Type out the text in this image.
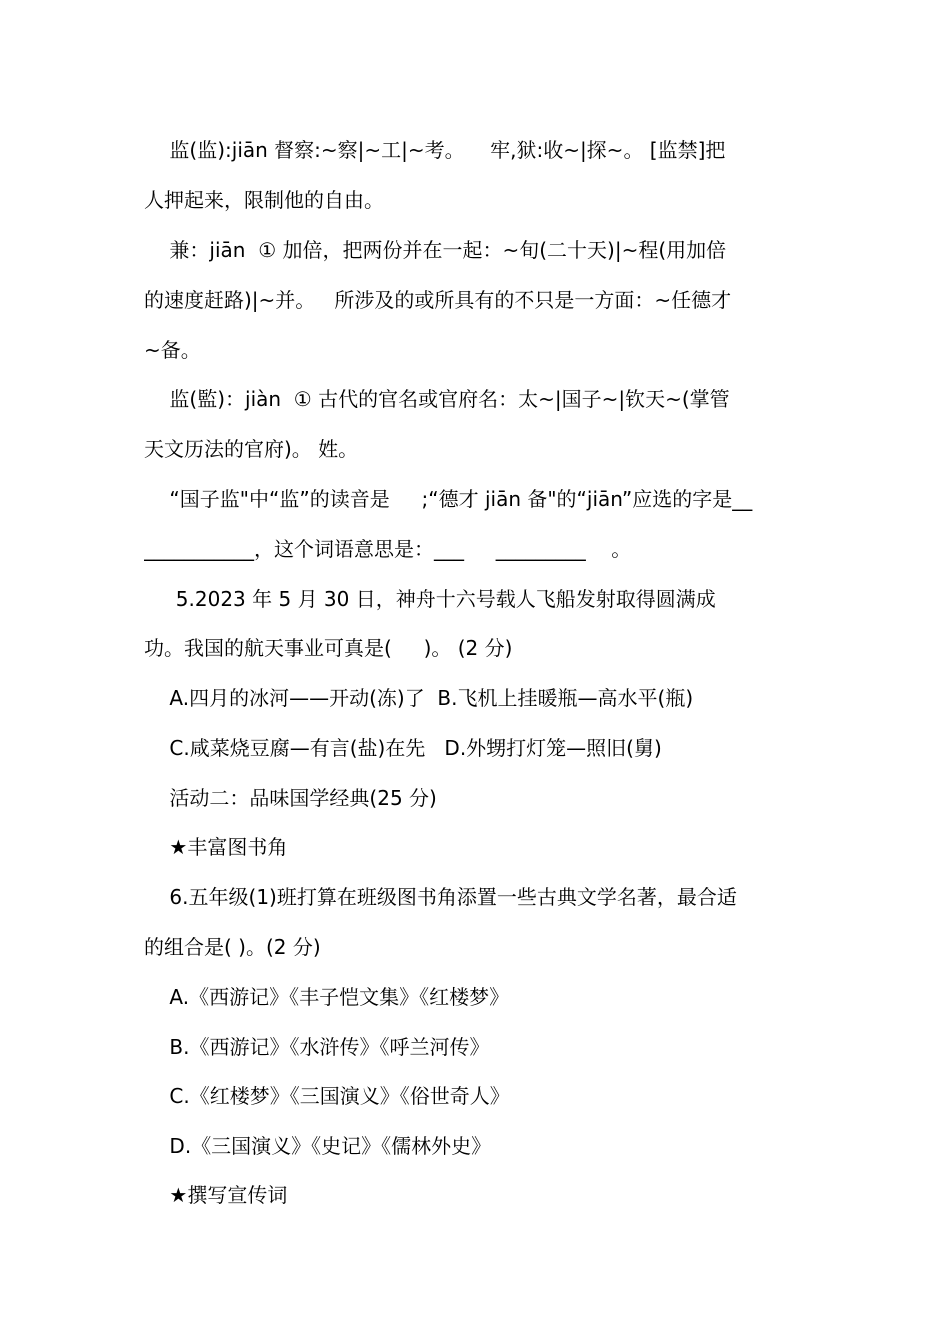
监(监):jiān 督察:~察|~工|~考。    牢,狱:收~|探~。 [监禁]把
人押起来，限制他的自由。
兼：jiān  ① 加倍，把两份并在一起：~旬(二十天)|~程(用加倍
的速度赶路)|~并。   所涉及的或所具有的不只是一方面：~任德才
~备。
监(監)：jiàn  ① 古代的官名或官府名：太~|国子~|钦天~(掌管
天文历法的官府)。 姓。
“国子监"中“监”的读音是     ;“德才 jiān 备"的“jiān”应选的字是__
___________，这个词语意思是：___     _________    。
5.2023 年 5 月 30 日，神舟十六号载人飞船发射取得圆满成
功。我国的航天事业可真是(     )。 (2 分)
A.四月的冰河——开动(冻)了  B.飞机上挂暖瓶—高水平(瓶)
C.咸菜烧豆腐—有言(盐)在先   D.外甥打灯笼—照旧(舅)
活动二：品味国学经典(25 分)
★丰富图书角
6.五年级(1)班打算在班级图书角添置一些古典文学名著，最合适
的组合是( )。(2 分)
A.《西游记》《丰子恺文集》《红楼梦》
B.《西游记》《水浒传》《呼兰河传》
C.《红楼梦》《三国演义》《俗世奇人》
D.《三国演义》《史记》《儒林外史》
★撰写宣传词
